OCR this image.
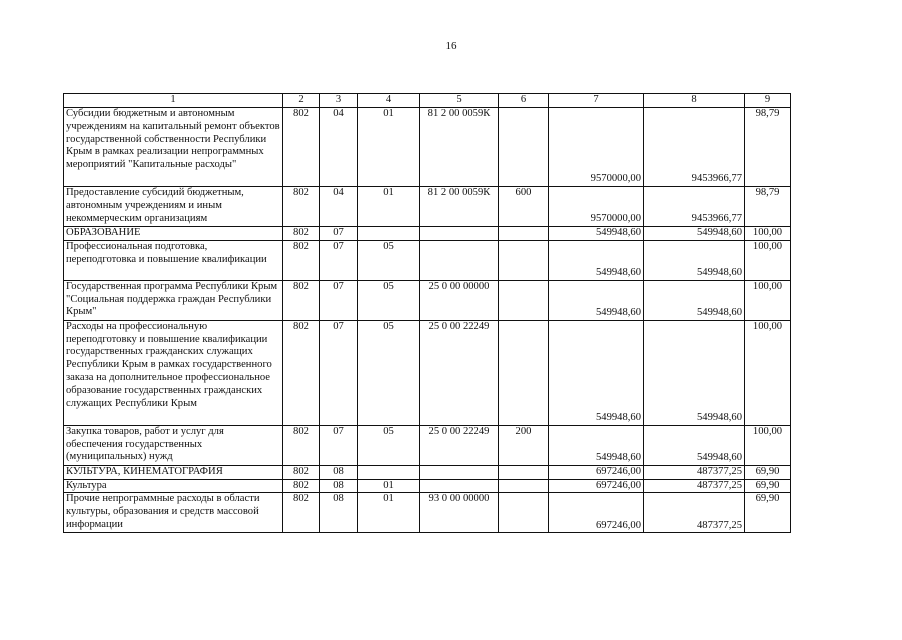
16
1	2	3	4	5	6	7	8	9
Субсидии бюджетным и автономным учреждениям на капитальный ремонт объектов государственной собственности Республики Крым в рамках реализации непрограммных мероприятий "Капитальные расходы"	802	04	01	81 2 00 0059К		9570000,00	9453966,77	98,79
Предоставление субсидий бюджетным, автономным учреждениям и иным некоммерческим организациям	802	04	01	81 2 00 0059К	600	9570000,00	9453966,77	98,79
ОБРАЗОВАНИЕ	802	07				549948,60	549948,60	100,00
Профессиональная подготовка, переподготовка и повышение квалификации	802	07	05			549948,60	549948,60	100,00
Государственная программа Республики Крым "Социальная поддержка граждан Республики Крым"	802	07	05	25 0 00 00000		549948,60	549948,60	100,00
Расходы на профессиональную переподготовку и повышение квалификации государственных гражданских служащих Республики Крым в рамках государственного заказа на дополнительное профессиональное образование государственных гражданских служащих Республики Крым	802	07	05	25 0 00 22249		549948,60	549948,60	100,00
Закупка товаров, работ и услуг для обеспечения государственных (муниципальных) нужд	802	07	05	25 0 00 22249	200	549948,60	549948,60	100,00
КУЛЬТУРА, КИНЕМАТОГРАФИЯ	802	08				697246,00	487377,25	69,90
Культура	802	08	01			697246,00	487377,25	69,90
Прочие непрограммные расходы в области культуры, образования и средств массовой информации	802	08	01	93 0 00 00000		697246,00	487377,25	69,90
